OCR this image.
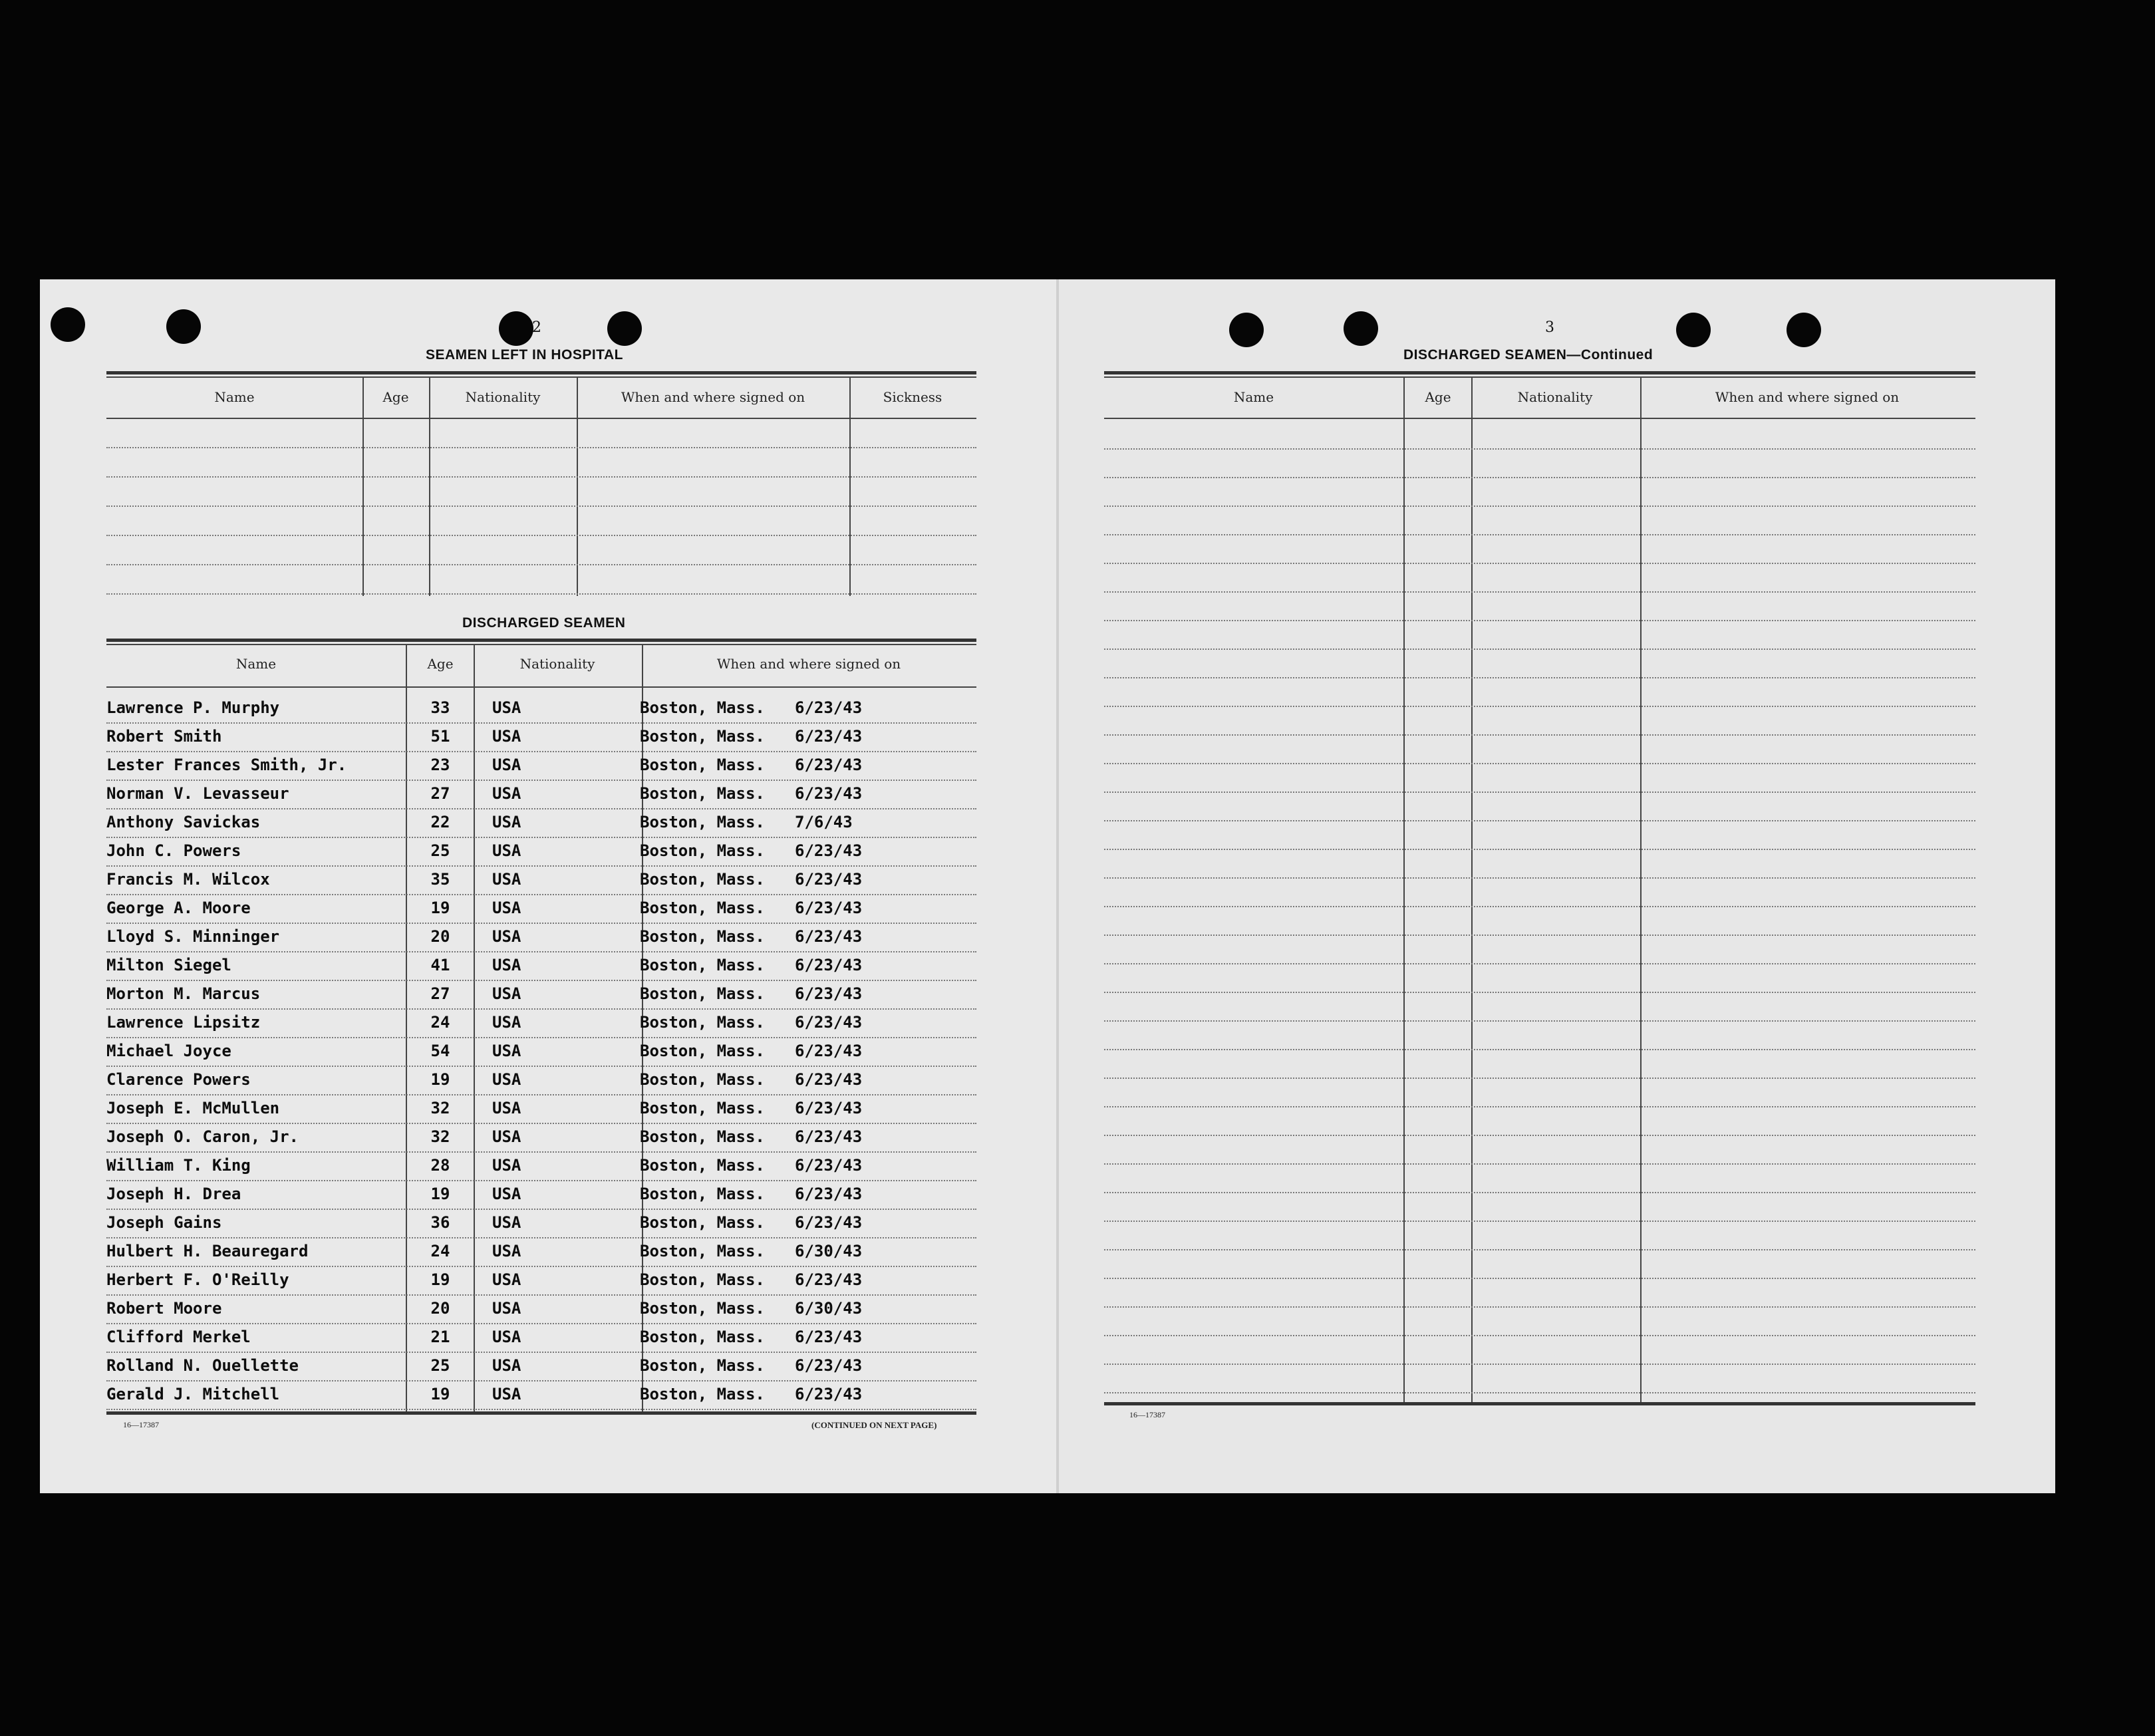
2
SEAMEN LEFT IN HOSPITAL
Name	Age	Nationality	When and where signed on	Sickness
DISCHARGED SEAMEN
Name	Age	Nationality	When and where signed on
Lawrence P. Murphy	33	USA	Boston, Mass. 6/23/43
Robert Smith	51	USA	Boston, Mass. 6/23/43
Lester Frances Smith, Jr.	23	USA	Boston, Mass. 6/23/43
Norman V. Levasseur	27	USA	Boston, Mass. 6/23/43
Anthony Savickas	22	USA	Boston, Mass. 7/6/43
John C. Powers	25	USA	Boston, Mass. 6/23/43
Francis M. Wilcox	35	USA	Boston, Mass. 6/23/43
George A. Moore	19	USA	Boston, Mass. 6/23/43
Lloyd S. Minninger	20	USA	Boston, Mass. 6/23/43
Milton Siegel	41	USA	Boston, Mass. 6/23/43
Morton M. Marcus	27	USA	Boston, Mass. 6/23/43
Lawrence Lipsitz	24	USA	Boston, Mass. 6/23/43
Michael Joyce	54	USA	Boston, Mass. 6/23/43
Clarence Powers	19	USA	Boston, Mass. 6/23/43
Joseph E. McMullen	32	USA	Boston, Mass. 6/23/43
Joseph O. Caron, Jr.	32	USA	Boston, Mass. 6/23/43
William T. King	28	USA	Boston, Mass. 6/23/43
Joseph H. Drea	19	USA	Boston, Mass. 6/23/43
Joseph Gains	36	USA	Boston, Mass. 6/23/43
Hulbert H. Beauregard	24	USA	Boston, Mass. 6/30/43
Herbert F. O'Reilly	19	USA	Boston, Mass. 6/23/43
Robert Moore	20	USA	Boston, Mass. 6/30/43
Clifford Merkel	21	USA	Boston, Mass. 6/23/43
Rolland N. Ouellette	25	USA	Boston, Mass. 6/23/43
Gerald J. Mitchell	19	USA	Boston, Mass. 6/23/43
16—17387	(CONTINUED ON NEXT PAGE)
3
DISCHARGED SEAMEN—Continued
Name	Age	Nationality	When and where signed on
16—17387
